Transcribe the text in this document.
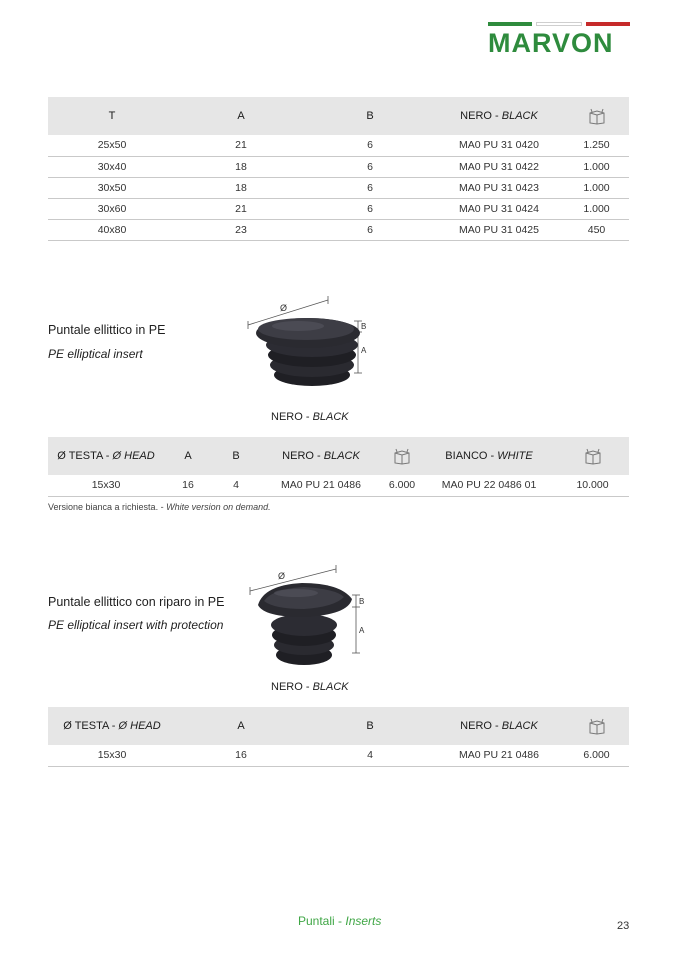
MARVON
T	A	B	NERO - BLACK	
25x50	21	6	MA0 PU 31 0420	1.250
30x40	18	6	MA0 PU 31 0422	1.000
30x50	18	6	MA0 PU 31 0423	1.000
30x60	21	6	MA0 PU 31 0424	1.000
40x80	23	6	MA0 PU 31 0425	450
Puntale ellittico in PE
PE elliptical insert
Ø
B
A
NERO - BLACK
Ø TESTA - Ø HEAD	A	B	NERO - BLACK		BIANCO - WHITE	
15x30	16	4	MA0 PU 21 0486	6.000	MA0 PU 22 0486 01	10.000
Versione bianca a richiesta. - White version on demand.
Puntale ellittico con riparo in PE
PE elliptical insert with protection
Ø
B
A
NERO - BLACK
Ø TESTA - Ø HEAD	A	B	NERO - BLACK	
15x30	16	4	MA0 PU 21 0486	6.000
Puntali - Inserts	23
